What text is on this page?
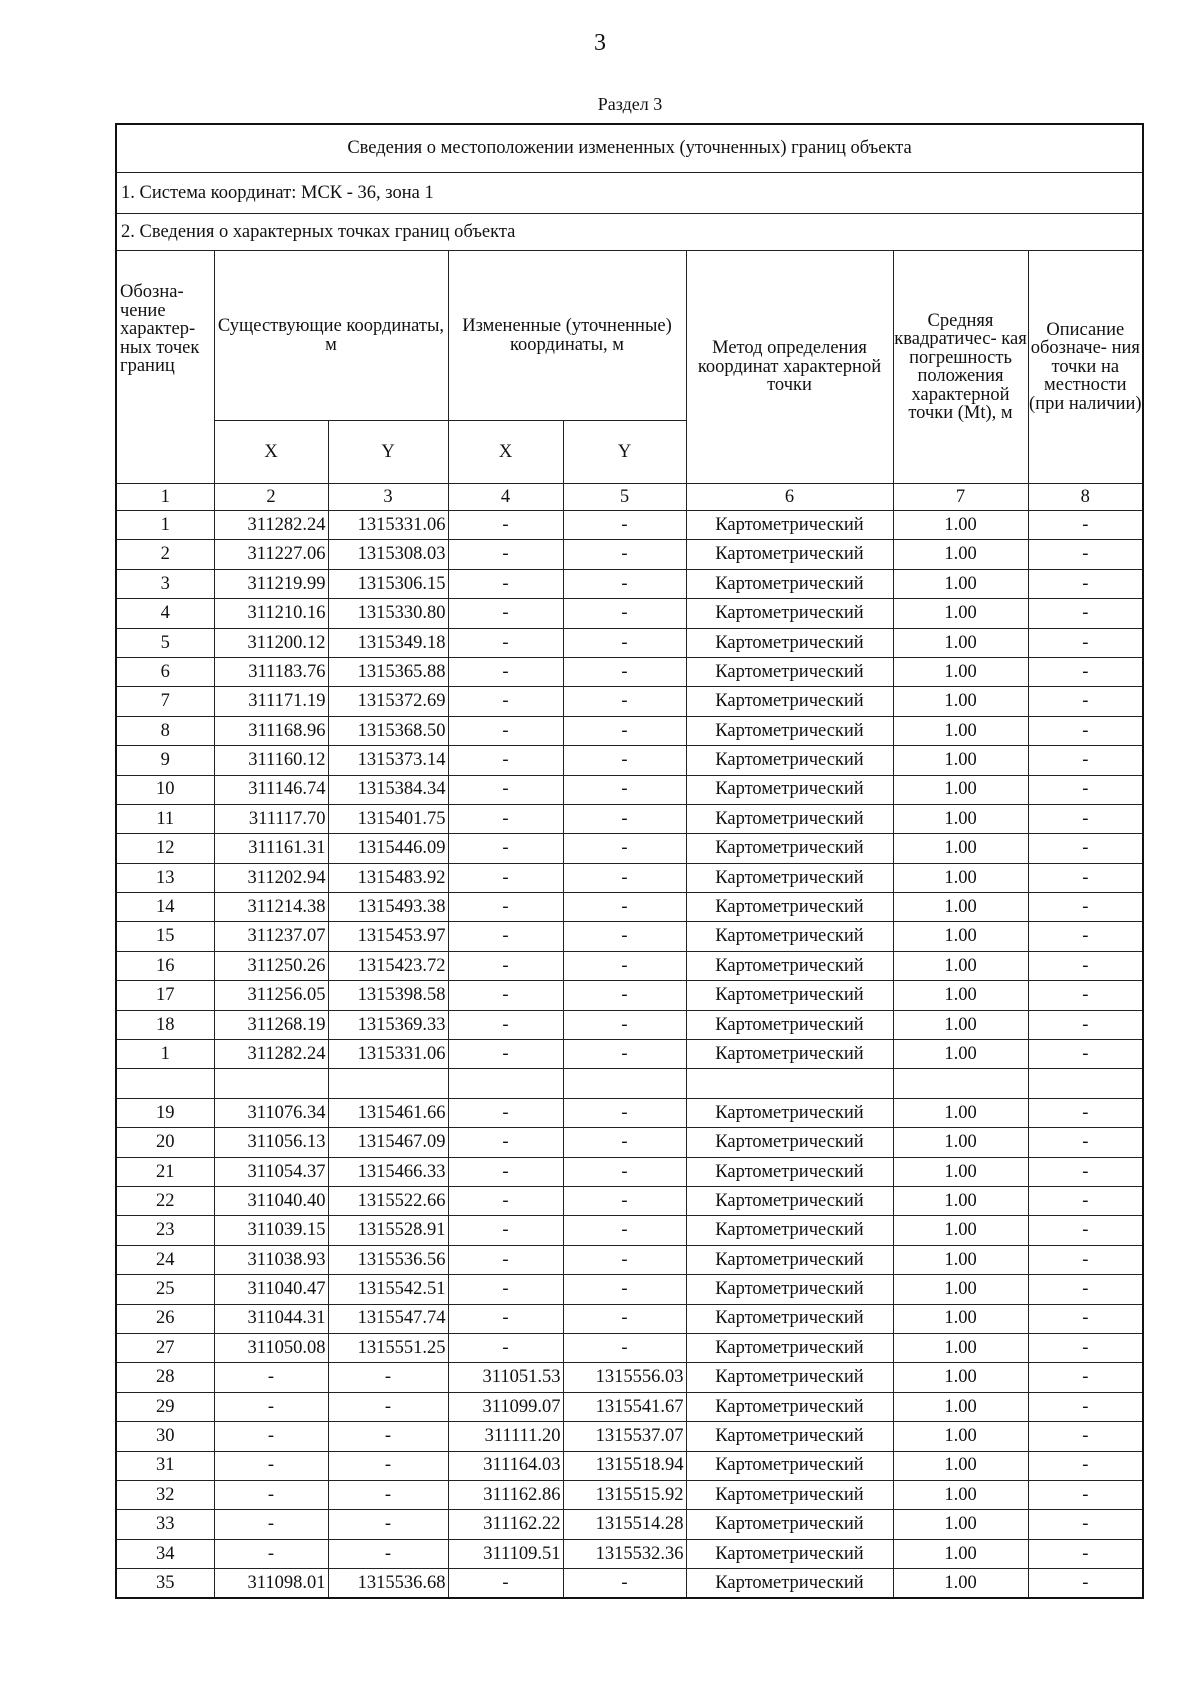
3
Раздел 3
Сведения о местоположении измененных (уточненных) границ объекта							
1. Система координат: МСК - 36, зона 1							
2. Сведения о характерных точках границ объекта							
Обозна- чение характер- ных точек границ	Существующие координаты, м		Измененные (уточненные) координаты, м		Метод определения координат характерной точки	Средняя квадратичес- кая погрешность положения характерной точки (Mt), м	Описание обозначе- ния точки на местности (при наличии)
	X	Y	X	Y			
1	2	3	4	5	6	7	8
1	311282.24	1315331.06	-	-	Картометрический	1.00	-
2	311227.06	1315308.03	-	-	Картометрический	1.00	-
3	311219.99	1315306.15	-	-	Картометрический	1.00	-
4	311210.16	1315330.80	-	-	Картометрический	1.00	-
5	311200.12	1315349.18	-	-	Картометрический	1.00	-
6	311183.76	1315365.88	-	-	Картометрический	1.00	-
7	311171.19	1315372.69	-	-	Картометрический	1.00	-
8	311168.96	1315368.50	-	-	Картометрический	1.00	-
9	311160.12	1315373.14	-	-	Картометрический	1.00	-
10	311146.74	1315384.34	-	-	Картометрический	1.00	-
11	311117.70	1315401.75	-	-	Картометрический	1.00	-
12	311161.31	1315446.09	-	-	Картометрический	1.00	-
13	311202.94	1315483.92	-	-	Картометрический	1.00	-
14	311214.38	1315493.38	-	-	Картометрический	1.00	-
15	311237.07	1315453.97	-	-	Картометрический	1.00	-
16	311250.26	1315423.72	-	-	Картометрический	1.00	-
17	311256.05	1315398.58	-	-	Картометрический	1.00	-
18	311268.19	1315369.33	-	-	Картометрический	1.00	-
1	311282.24	1315331.06	-	-	Картометрический	1.00	-

19	311076.34	1315461.66	-	-	Картометрический	1.00	-
20	311056.13	1315467.09	-	-	Картометрический	1.00	-
21	311054.37	1315466.33	-	-	Картометрический	1.00	-
22	311040.40	1315522.66	-	-	Картометрический	1.00	-
23	311039.15	1315528.91	-	-	Картометрический	1.00	-
24	311038.93	1315536.56	-	-	Картометрический	1.00	-
25	311040.47	1315542.51	-	-	Картометрический	1.00	-
26	311044.31	1315547.74	-	-	Картометрический	1.00	-
27	311050.08	1315551.25	-	-	Картометрический	1.00	-
28	-	-	311051.53	1315556.03	Картометрический	1.00	-
29	-	-	311099.07	1315541.67	Картометрический	1.00	-
30	-	-	311111.20	1315537.07	Картометрический	1.00	-
31	-	-	311164.03	1315518.94	Картометрический	1.00	-
32	-	-	311162.86	1315515.92	Картометрический	1.00	-
33	-	-	311162.22	1315514.28	Картометрический	1.00	-
34	-	-	311109.51	1315532.36	Картометрический	1.00	-
35	311098.01	1315536.68	-	-	Картометрический	1.00	-
